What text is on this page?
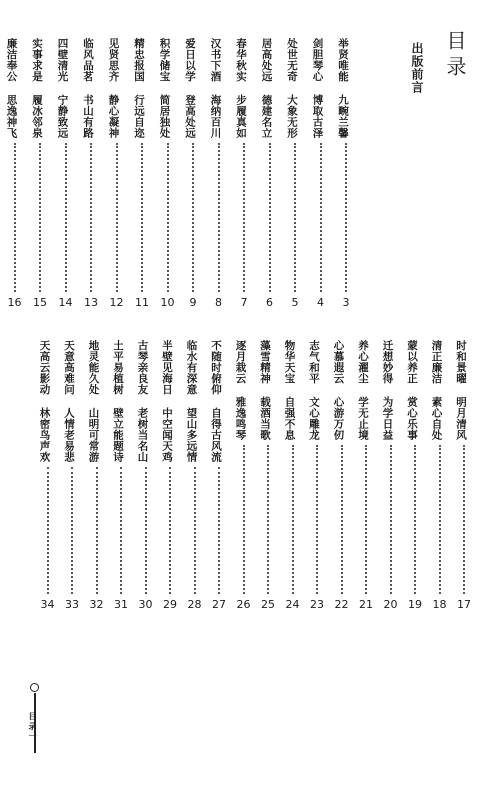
目录
出版前言
举贤唯能 九畹兰馨
3
剑胆琴心 博取古泽
4
处世无奇 大象无形
5
居高处远 德建名立
6
春华秋实 步履真如
7
汉书下酒 海纳百川
8
爱日以学 登高处远
9
积学储宝 简居独处
10
精忠报国 行远自迩
11
见贤思齐 静心凝神
12
临风品茗 书山有路
13
四壁清光 宁静致远
14
实事求是 履冰邻泉
15
廉洁奉公 思逸神飞
16
时和景曜 明月清风
17
清正廉洁 素心自处
18
蒙以养正 赏心乐事
19
迁想妙得 为学日益
20
养心濯尘 学无止境
21
心慕遐云 心游万仞
22
志气和平 文心雕龙
23
物华天宝 自强不息
24
藻雪精神 载酒当歌
25
逐月栽云 雅逸鸣琴
26
不随时俯仰 自得古风流
27
临水有深意 望山多远情
28
半壁见海日 中空闻天鸡
29
古琴亲良友 老树当名山
30
土平易植树 壁立能题诗
31
地灵能久处 山明可常游
32
天意高难问 人情老易悲
33
天高云影动 林密鸟声欢
34
目录一
